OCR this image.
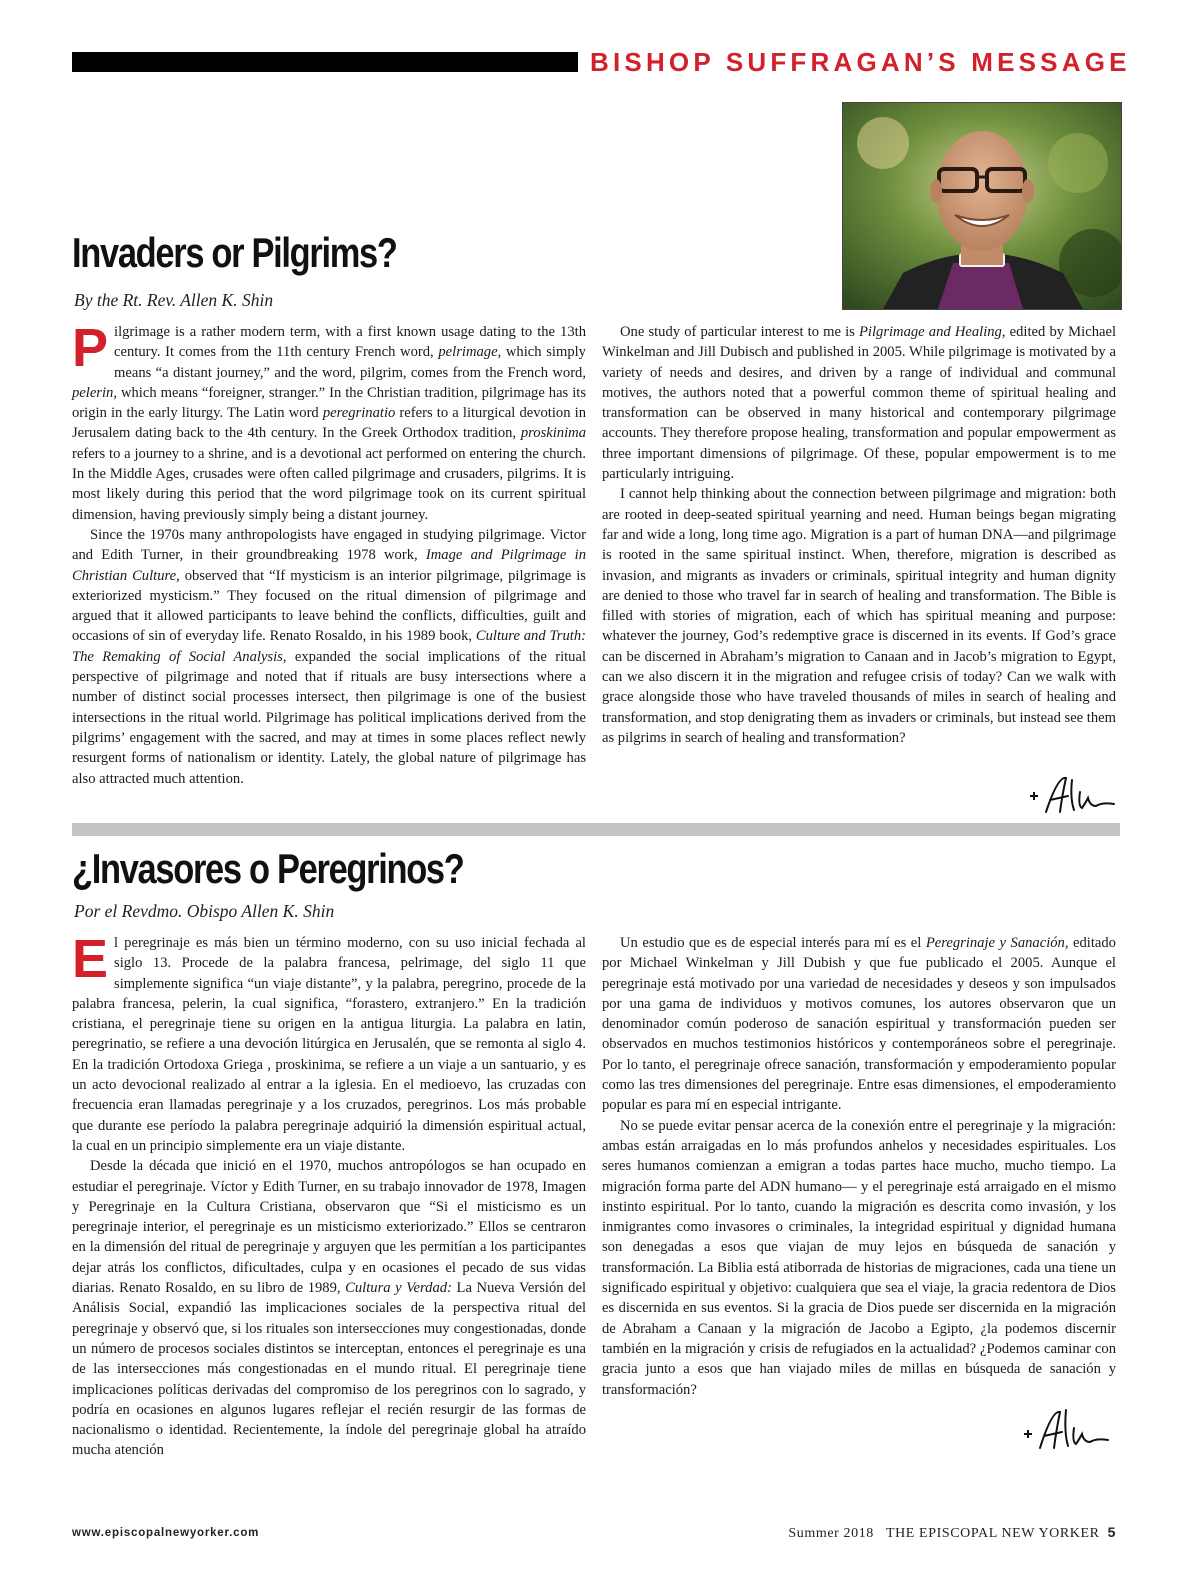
BISHOP SUFFRAGAN’S MESSAGE
Invaders or Pilgrims?
By the Rt. Rev. Allen K. Shin

Pilgrimage is a rather modern term, with a first known usage dating to the 13th century. It comes from the 11th century French word, pelrimage, which simply means “a distant journey,” and the word, pilgrim, comes from the French word, pelerin, which means “foreigner, stranger.” In the Christian tradition, pilgrimage has its origin in the early liturgy. The Latin word peregrinatio refers to a liturgical devotion in Jerusalem dating back to the 4th century. In the Greek Orthodox tradition, proskinima refers to a journey to a shrine, and is a devotional act performed on entering the church. In the Middle Ages, crusades were often called pilgrimage and crusaders, pilgrims. It is most likely during this period that the word pilgrimage took on its current spiritual dimension, having previously simply being a distant journey.

Since the 1970s many anthropologists have engaged in studying pilgrimage. Victor and Edith Turner, in their groundbreaking 1978 work, Image and Pilgrimage in Christian Culture, observed that “If mysticism is an interior pilgrimage, pilgrimage is exteriorized mysticism.” They focused on the ritual dimension of pilgrimage and argued that it allowed participants to leave behind the conflicts, difficulties, guilt and occasions of sin of everyday life. Renato Rosaldo, in his 1989 book, Culture and Truth: The Remaking of Social Analysis, expanded the social implications of the ritual perspective of pilgrimage and noted that if rituals are busy intersections where a number of distinct social processes intersect, then pilgrimage is one of the busiest intersections in the ritual world. Pilgrimage has political implications derived from the pilgrims’ engagement with the sacred, and may at times in some places reflect newly resurgent forms of nationalism or identity. Lately, the global nature of pilgrimage has also attracted much attention.

One study of particular interest to me is Pilgrimage and Healing, edited by Michael Winkelman and Jill Dubisch and published in 2005. While pilgrimage is motivated by a variety of needs and desires, and driven by a range of individual and communal motives, the authors noted that a powerful common theme of spiritual healing and transformation can be observed in many historical and contemporary pilgrimage accounts. They therefore propose healing, transformation and popular empowerment as three important dimensions of pilgrimage. Of these, popular empowerment is to me particularly intriguing.

I cannot help thinking about the connection between pilgrimage and migration: both are rooted in deep-seated spiritual yearning and need. Human beings began migrating far and wide a long, long time ago. Migration is a part of human DNA—and pilgrimage is rooted in the same spiritual instinct. When, therefore, migration is described as invasion, and migrants as invaders or criminals, spiritual integrity and human dignity are denied to those who travel far in search of healing and transformation. The Bible is filled with stories of migration, each of which has spiritual meaning and purpose: whatever the journey, God’s redemptive grace is discerned in its events. If God’s grace can be discerned in Abraham’s migration to Canaan and in Jacob’s migration to Egypt, can we also discern it in the migration and refugee crisis of today? Can we walk with grace alongside those who have traveled thousands of miles in search of healing and transformation, and stop denigrating them as invaders or criminals, but instead see them as pilgrims in search of healing and transformation?

¿Invasores o Peregrinos?
Por el Revdmo. Obispo Allen K. Shin

El peregrinaje es más bien un término moderno, con su uso inicial fechada al siglo 13. Procede de la palabra francesa, pelrimage, del siglo 11 que simplemente significa “un viaje distante”, y la palabra, peregrino, procede de la palabra francesa, pelerin, la cual significa, “forastero, extranjero.” En la tradición cristiana, el peregrinaje tiene su origen en la antigua liturgia. La palabra en latin, peregrinatio, se refiere a una devoción litúrgica en Jerusalén, que se remonta al siglo 4. En la tradición Ortodoxa Griega , proskinima, se refiere a un viaje a un santuario, y es un acto devocional realizado al entrar a la iglesia. En el medioevo, las cruzadas con frecuencia eran llamadas peregrinaje y a los cruzados, peregrinos. Los más probable que durante ese período la palabra peregrinaje adquirió la dimensión espiritual actual, la cual en un principio simplemente era un viaje distante.

Desde la década que inició en el 1970, muchos antropólogos se han ocupado en estudiar el peregrinaje. Víctor y Edith Turner, en su trabajo innovador de 1978, Imagen y Peregrinaje en la Cultura Cristiana, observaron que “Si el misticismo es un peregrinaje interior, el peregrinaje es un misticismo exteriorizado.” Ellos se centraron en la dimensión del ritual de peregrinaje y arguyen que les permitían a los participantes dejar atrás los conflictos, dificultades, culpa y en ocasiones el pecado de sus vidas diarias. Renato Rosaldo, en su libro de 1989, Cultura y Verdad: La Nueva Versión del Análisis Social, expandió las implicaciones sociales de la perspectiva ritual del peregrinaje y observó que, si los rituales son intersecciones muy congestionadas, donde un número de procesos sociales distintos se interceptan, entonces el peregrinaje es una de las intersecciones más congestionadas en el mundo ritual. El peregrinaje tiene implicaciones políticas derivadas del compromiso de los peregrinos con lo sagrado, y podría en ocasiones en algunos lugares reflejar el recién resurgir de las formas de nacionalismo o identidad. Recientemente, la índole del peregrinaje global ha atraído mucha atención

Un estudio que es de especial interés para mí es el Peregrinaje y Sanación, editado por Michael Winkelman y Jill Dubish y que fue publicado el 2005. Aunque el peregrinaje está motivado por una variedad de necesidades y deseos y son impulsados por una gama de individuos y motivos comunes, los autores observaron que un denominador común poderoso de sanación espiritual y transformación pueden ser observados en muchos testimonios históricos y contemporáneos sobre el peregrinaje. Por lo tanto, el peregrinaje ofrece sanación, transformación y empoderamiento popular como las tres dimensiones del peregrinaje. Entre esas dimensiones, el empoderamiento popular es para mí en especial intrigante.

No se puede evitar pensar acerca de la conexión entre el peregrinaje y la migración: ambas están arraigadas en lo más profundos anhelos y necesidades espirituales. Los seres humanos comienzan a emigran a todas partes hace mucho, mucho tiempo. La migración forma parte del ADN humano— y el peregrinaje está arraigado en el mismo instinto espiritual. Por lo tanto, cuando la migración es descrita como invasión, y los inmigrantes como invasores o criminales, la integridad espiritual y dignidad humana son denegadas a esos que viajan de muy lejos en búsqueda de sanación y transformación. La Biblia está atiborrada de historias de migraciones, cada una tiene un significado espiritual y objetivo: cualquiera que sea el viaje, la gracia redentora de Dios es discernida en sus eventos. Si la gracia de Dios puede ser discernida en la migración de Abraham a Canaan y la migración de Jacobo a Egipto, ¿la podemos discernir también en la migración y crisis de refugiados en la actualidad? ¿Podemos caminar con gracia junto a esos que han viajado miles de millas en búsqueda de sanación y transformación?

www.episcopalnewyorker.com	Summer 2018   THE EPISCOPAL NEW YORKER 5
